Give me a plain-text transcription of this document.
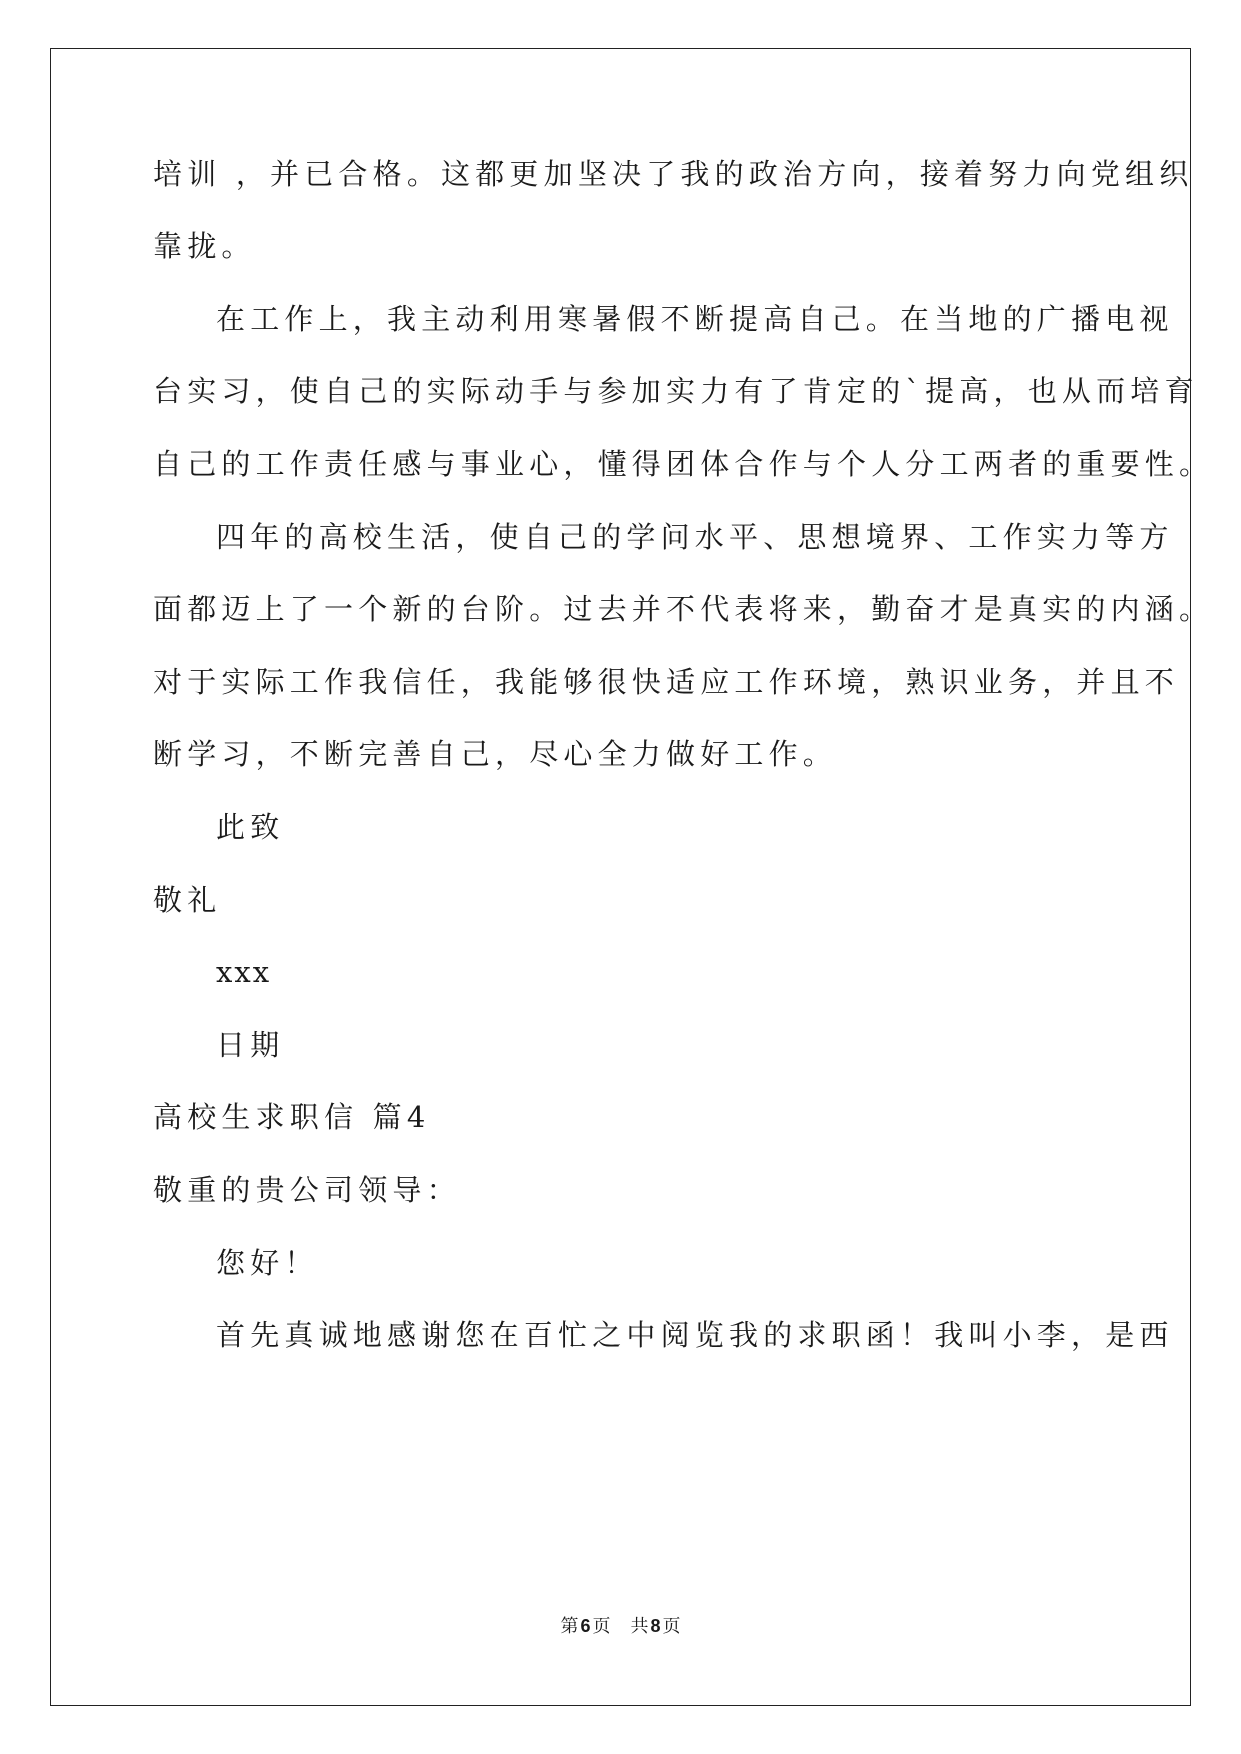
培训 ，并已合格。这都更加坚决了我的政治方向，接着努力向党组织
靠拢。
在工作上，我主动利用寒暑假不断提高自己。在当地的广播电视
台实习，使自己的实际动手与参加实力有了肯定的`提高，也从而培育
自己的工作责任感与事业心，懂得团体合作与个人分工两者的重要性。
四年的高校生活，使自己的学问水平、思想境界、工作实力等方
面都迈上了一个新的台阶。过去并不代表将来，勤奋才是真实的内涵。
对于实际工作我信任，我能够很快适应工作环境，熟识业务，并且不
断学习，不断完善自己，尽心全力做好工作。
此致
敬礼
xxx
日期
高校生求职信 篇4
敬重的贵公司领导：
您好！
首先真诚地感谢您在百忙之中阅览我的求职函！我叫小李，是西
第 6 页 共 8 页
